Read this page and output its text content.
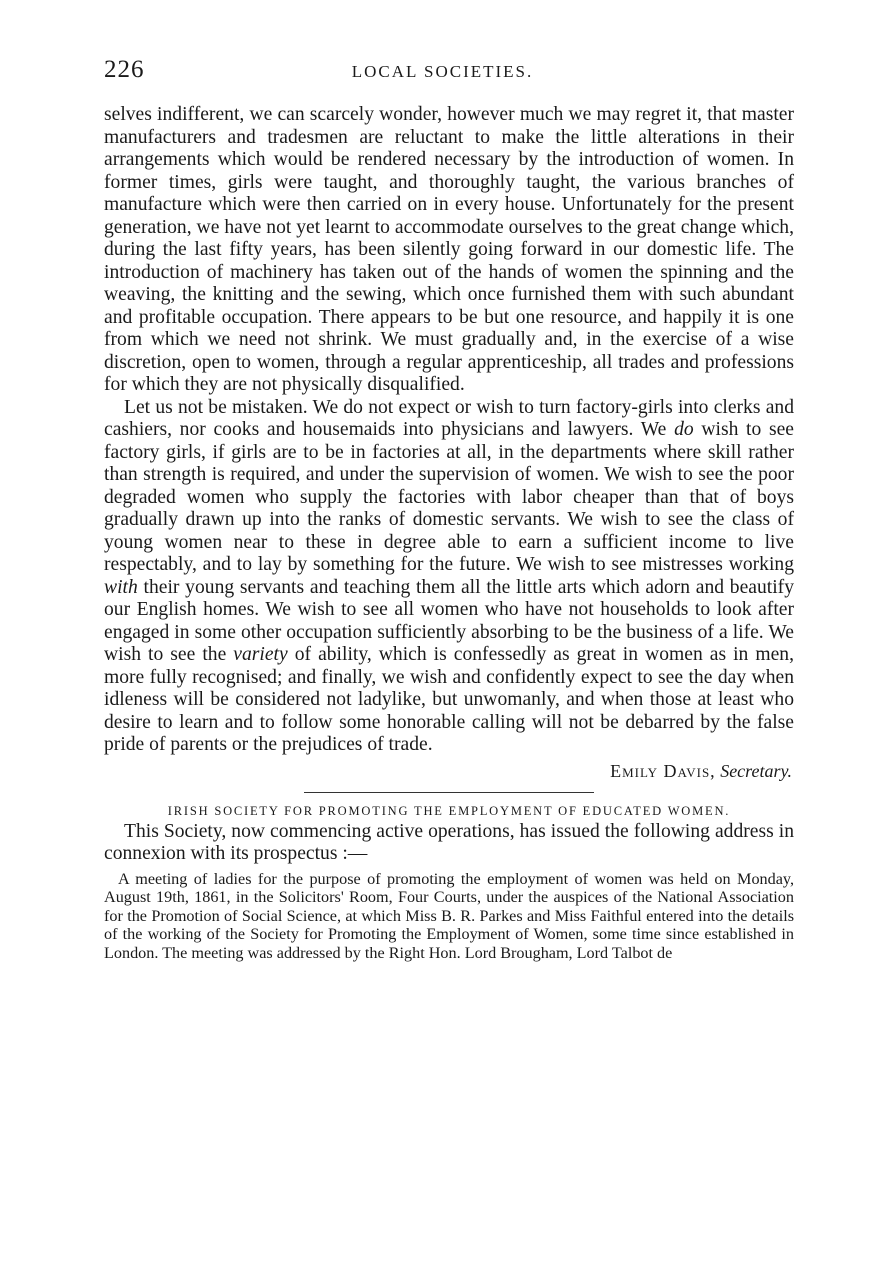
226	LOCAL SOCIETIES.

selves indifferent, we can scarcely wonder, however much we may regret it, that master manufacturers and tradesmen are reluctant to make the little alterations in their arrangements which would be rendered necessary by the introduction of women. In former times, girls were taught, and thoroughly taught, the various branches of manufacture which were then carried on in every house. Unfortunately for the present generation, we have not yet learnt to accommodate ourselves to the great change which, during the last fifty years, has been silently going forward in our domestic life. The introduction of machinery has taken out of the hands of women the spinning and the weaving, the knitting and the sewing, which once furnished them with such abundant and profitable occupation. There appears to be but one resource, and happily it is one from which we need not shrink. We must gradually and, in the exercise of a wise discretion, open to women, through a regular apprenticeship, all trades and professions for which they are not physically disqualified.

Let us not be mistaken. We do not expect or wish to turn factory-girls into clerks and cashiers, nor cooks and housemaids into physicians and lawyers. We do wish to see factory girls, if girls are to be in factories at all, in the departments where skill rather than strength is required, and under the supervision of women. We wish to see the poor degraded women who supply the factories with labor cheaper than that of boys gradually drawn up into the ranks of domestic servants. We wish to see the class of young women near to these in degree able to earn a sufficient income to live respectably, and to lay by something for the future. We wish to see mistresses working with their young servants and teaching them all the little arts which adorn and beautify our English homes. We wish to see all women who have not households to look after engaged in some other occupation sufficiently absorbing to be the business of a life. We wish to see the variety of ability, which is confessedly as great in women as in men, more fully recognised; and finally, we wish and confidently expect to see the day when idleness will be considered not ladylike, but unwomanly, and when those at least who desire to learn and to follow some honorable calling will not be debarred by the false pride of parents or the prejudices of trade.

Emily Davis, Secretary.
IRISH SOCIETY FOR PROMOTING THE EMPLOYMENT OF EDUCATED WOMEN.

This Society, now commencing active operations, has issued the following address in connexion with its prospectus :—

A meeting of ladies for the purpose of promoting the employment of women was held on Monday, August 19th, 1861, in the Solicitors' Room, Four Courts, under the auspices of the National Association for the Promotion of Social Science, at which Miss B. R. Parkes and Miss Faithful entered into the details of the working of the Society for Promoting the Employment of Women, some time since established in London. The meeting was addressed by the Right Hon. Lord Brougham, Lord Talbot de
